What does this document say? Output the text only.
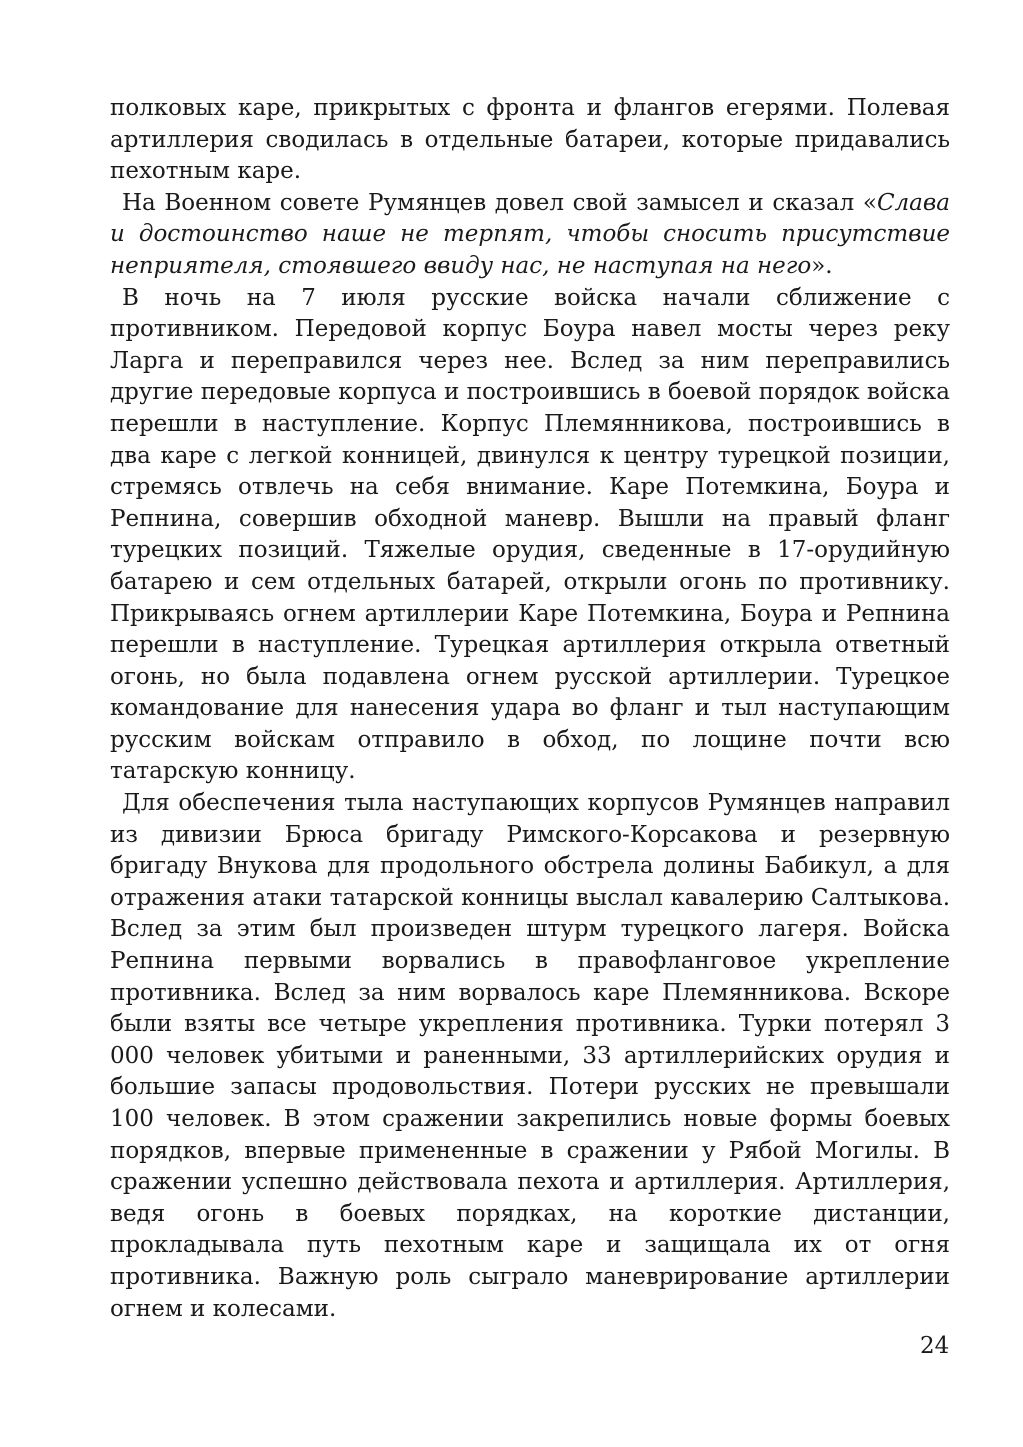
полковых каре, прикрытых с фронта и флангов егерями. Полевая артиллерия сводилась в отдельные батареи, которые придавались пехотным каре.

На Военном совете Румянцев довел свой замысел и сказал «Слава и достоинство наше не терпят, чтобы сносить присутствие неприятеля, стоявшего ввиду нас, не наступая на него».

В ночь на 7 июля русские войска начали сближение с противником. Передовой корпус Боура навел мосты через реку Ларга и переправился через нее. Вслед за ним переправились другие передовые корпуса и построившись в боевой порядок войска перешли в наступление. Корпус Племянникова, построившись в два каре с легкой конницей, двинулся к центру турецкой позиции, стремясь отвлечь на себя внимание. Каре Потемкина, Боура и Репнина, совершив обходной маневр. Вышли на правый фланг турецких позиций. Тяжелые орудия, сведенные в 17-орудийную батарею и сем отдельных батарей, открыли огонь по противнику. Прикрываясь огнем артиллерии Каре Потемкина, Боура и Репнина перешли в наступление. Турецкая артиллерия открыла ответный огонь, но была подавлена огнем русской артиллерии. Турецкое командование для нанесения удара во фланг и тыл наступающим русским войскам отправило в обход, по лощине почти всю татарскую конницу.

Для обеспечения тыла наступающих корпусов Румянцев направил из дивизии Брюса бригаду Римского-Корсакова и резервную бригаду Внукова для продольного обстрела долины Бабикул, а для отражения атаки татарской конницы выслал кавалерию Салтыкова. Вслед за этим был произведен штурм турецкого лагеря. Войска Репнина первыми ворвались в правофланговое укрепление противника. Вслед за ним ворвалось каре Племянникова. Вскоре были взяты все четыре укрепления противника. Турки потерял 3 000 человек убитыми и раненными, 33 артиллерийских орудия и большие запасы продовольствия. Потери русских не превышали 100 человек. В этом сражении закрепились новые формы боевых порядков, впервые примененные в сражении у Рябой Могилы. В сражении успешно действовала пехота и артиллерия. Артиллерия, ведя огонь в боевых порядках, на короткие дистанции, прокладывала путь пехотным каре и защищала их от огня противника. Важную роль сыграло маневрирование артиллерии огнем и колесами.

24
